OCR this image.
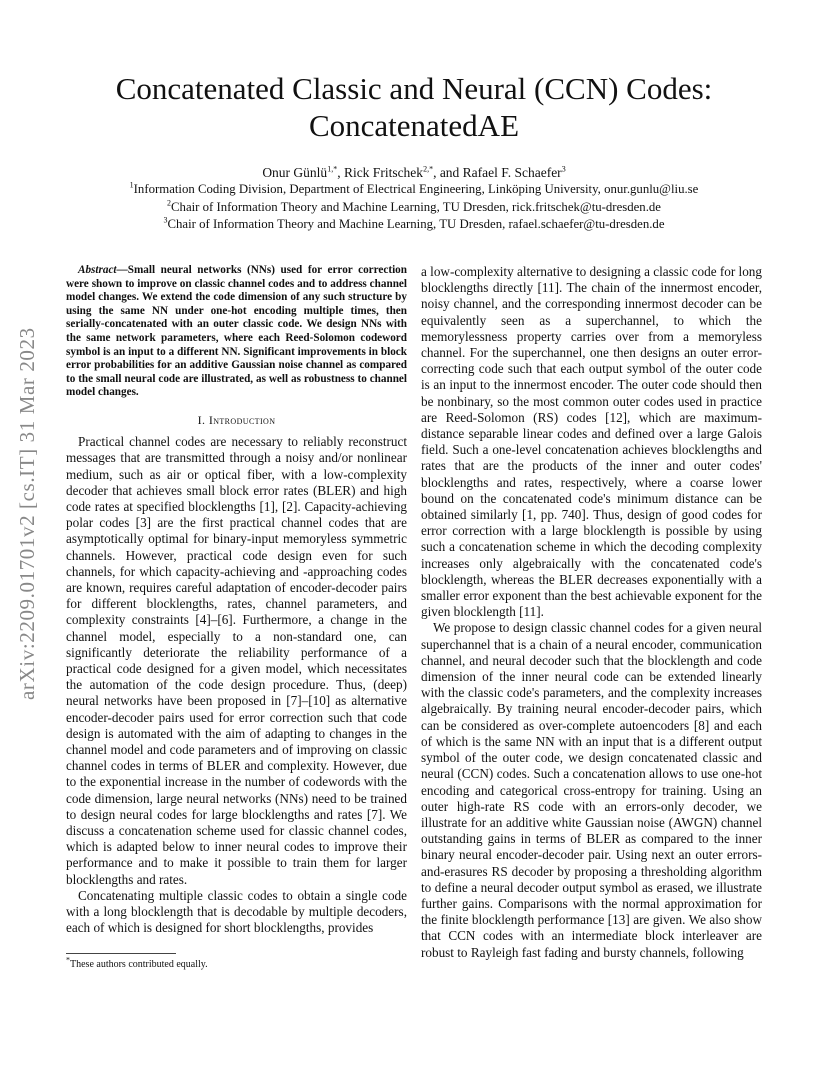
Concatenated Classic and Neural (CCN) Codes:
ConcatenatedAE
Onur Günlü$^{1,*}$, Rick Fritschek$^{2,*}$, and Rafael F. Schaefer$^3$
$^1$Information Coding Division, Department of Electrical Engineering, Linköping University, onur.gunlu@liu.se
$^2$Chair of Information Theory and Machine Learning, TU Dresden, rick.fritschek@tu-dresden.de
$^3$Chair of Information Theory and Machine Learning, TU Dresden, rafael.schaefer@tu-dresden.de
arXiv:2209.01701v2 [cs.IT] 31 Mar 2023

Abstract—Small neural networks (NNs) used for error correction were shown to improve on classic channel codes and to address channel model changes. We extend the code dimension of any such structure by using the same NN under one-hot encoding multiple times, then serially-concatenated with an outer classic code. We design NNs with the same network parameters, where each Reed-Solomon codeword symbol is an input to a different NN. Significant improvements in block error probabilities for an additive Gaussian noise channel as compared to the small neural code are illustrated, as well as robustness to channel model changes.

I. Introduction

Practical channel codes are necessary to reliably reconstruct messages that are transmitted through a noisy and/or nonlinear medium, such as air or optical fiber, with a low-complexity decoder that achieves small block error rates (BLER) and high code rates at specified blocklengths [1], [2]. Capacity-achieving polar codes [3] are the first practical channel codes that are asymptotically optimal for binary-input memoryless symmetric channels. However, practical code design even for such channels, for which capacity-achieving and -approaching codes are known, requires careful adaptation of encoder-decoder pairs for different blocklengths, rates, channel parameters, and complexity constraints [4]–[6]. Furthermore, a change in the channel model, especially to a non-standard one, can significantly deteriorate the reliability performance of a practical code designed for a given model, which necessitates the automation of the code design procedure. Thus, (deep) neural networks have been proposed in [7]–[10] as alternative encoder-decoder pairs used for error correction such that code design is automated with the aim of adapting to changes in the channel model and code parameters and of improving on classic channel codes in terms of BLER and complexity. However, due to the exponential increase in the number of codewords with the code dimension, large neural networks (NNs) need to be trained to design neural codes for large blocklengths and rates [7]. We discuss a concatenation scheme used for classic channel codes, which is adapted below to inner neural codes to improve their performance and to make it possible to train them for larger blocklengths and rates.

Concatenating multiple classic codes to obtain a single code with a long blocklength that is decodable by multiple decoders, each of which is designed for short blocklengths, provides

a low-complexity alternative to designing a classic code for long blocklengths directly [11]. The chain of the innermost encoder, noisy channel, and the corresponding innermost decoder can be equivalently seen as a superchannel, to which the memorylessness property carries over from a memoryless channel. For the superchannel, one then designs an outer error-correcting code such that each output symbol of the outer code is an input to the innermost encoder. The outer code should then be nonbinary, so the most common outer codes used in practice are Reed-Solomon (RS) codes [12], which are maximum-distance separable linear codes and defined over a large Galois field. Such a one-level concatenation achieves blocklengths and rates that are the products of the inner and outer codes' blocklengths and rates, respectively, where a coarse lower bound on the concatenated code's minimum distance can be obtained similarly [1, pp. 740]. Thus, design of good codes for error correction with a large blocklength is possible by using such a concatenation scheme in which the decoding complexity increases only algebraically with the concatenated code's blocklength, whereas the BLER decreases exponentially with a smaller error exponent than the best achievable exponent for the given blocklength [11].

We propose to design classic channel codes for a given neural superchannel that is a chain of a neural encoder, communication channel, and neural decoder such that the blocklength and code dimension of the inner neural code can be extended linearly with the classic code's parameters, and the complexity increases algebraically. By training neural encoder-decoder pairs, which can be considered as over-complete autoencoders [8] and each of which is the same NN with an input that is a different output symbol of the outer code, we design concatenated classic and neural (CCN) codes. Such a concatenation allows to use one-hot encoding and categorical cross-entropy for training. Using an outer high-rate RS code with an errors-only decoder, we illustrate for an additive white Gaussian noise (AWGN) channel outstanding gains in terms of BLER as compared to the inner binary neural encoder-decoder pair. Using next an outer errors-and-erasures RS decoder by proposing a thresholding algorithm to define a neural decoder output symbol as erased, we illustrate further gains. Comparisons with the normal approximation for the finite blocklength performance [13] are given. We also show that CCN codes with an intermediate block interleaver are robust to Rayleigh fast fading and bursty channels, following

*These authors contributed equally.
